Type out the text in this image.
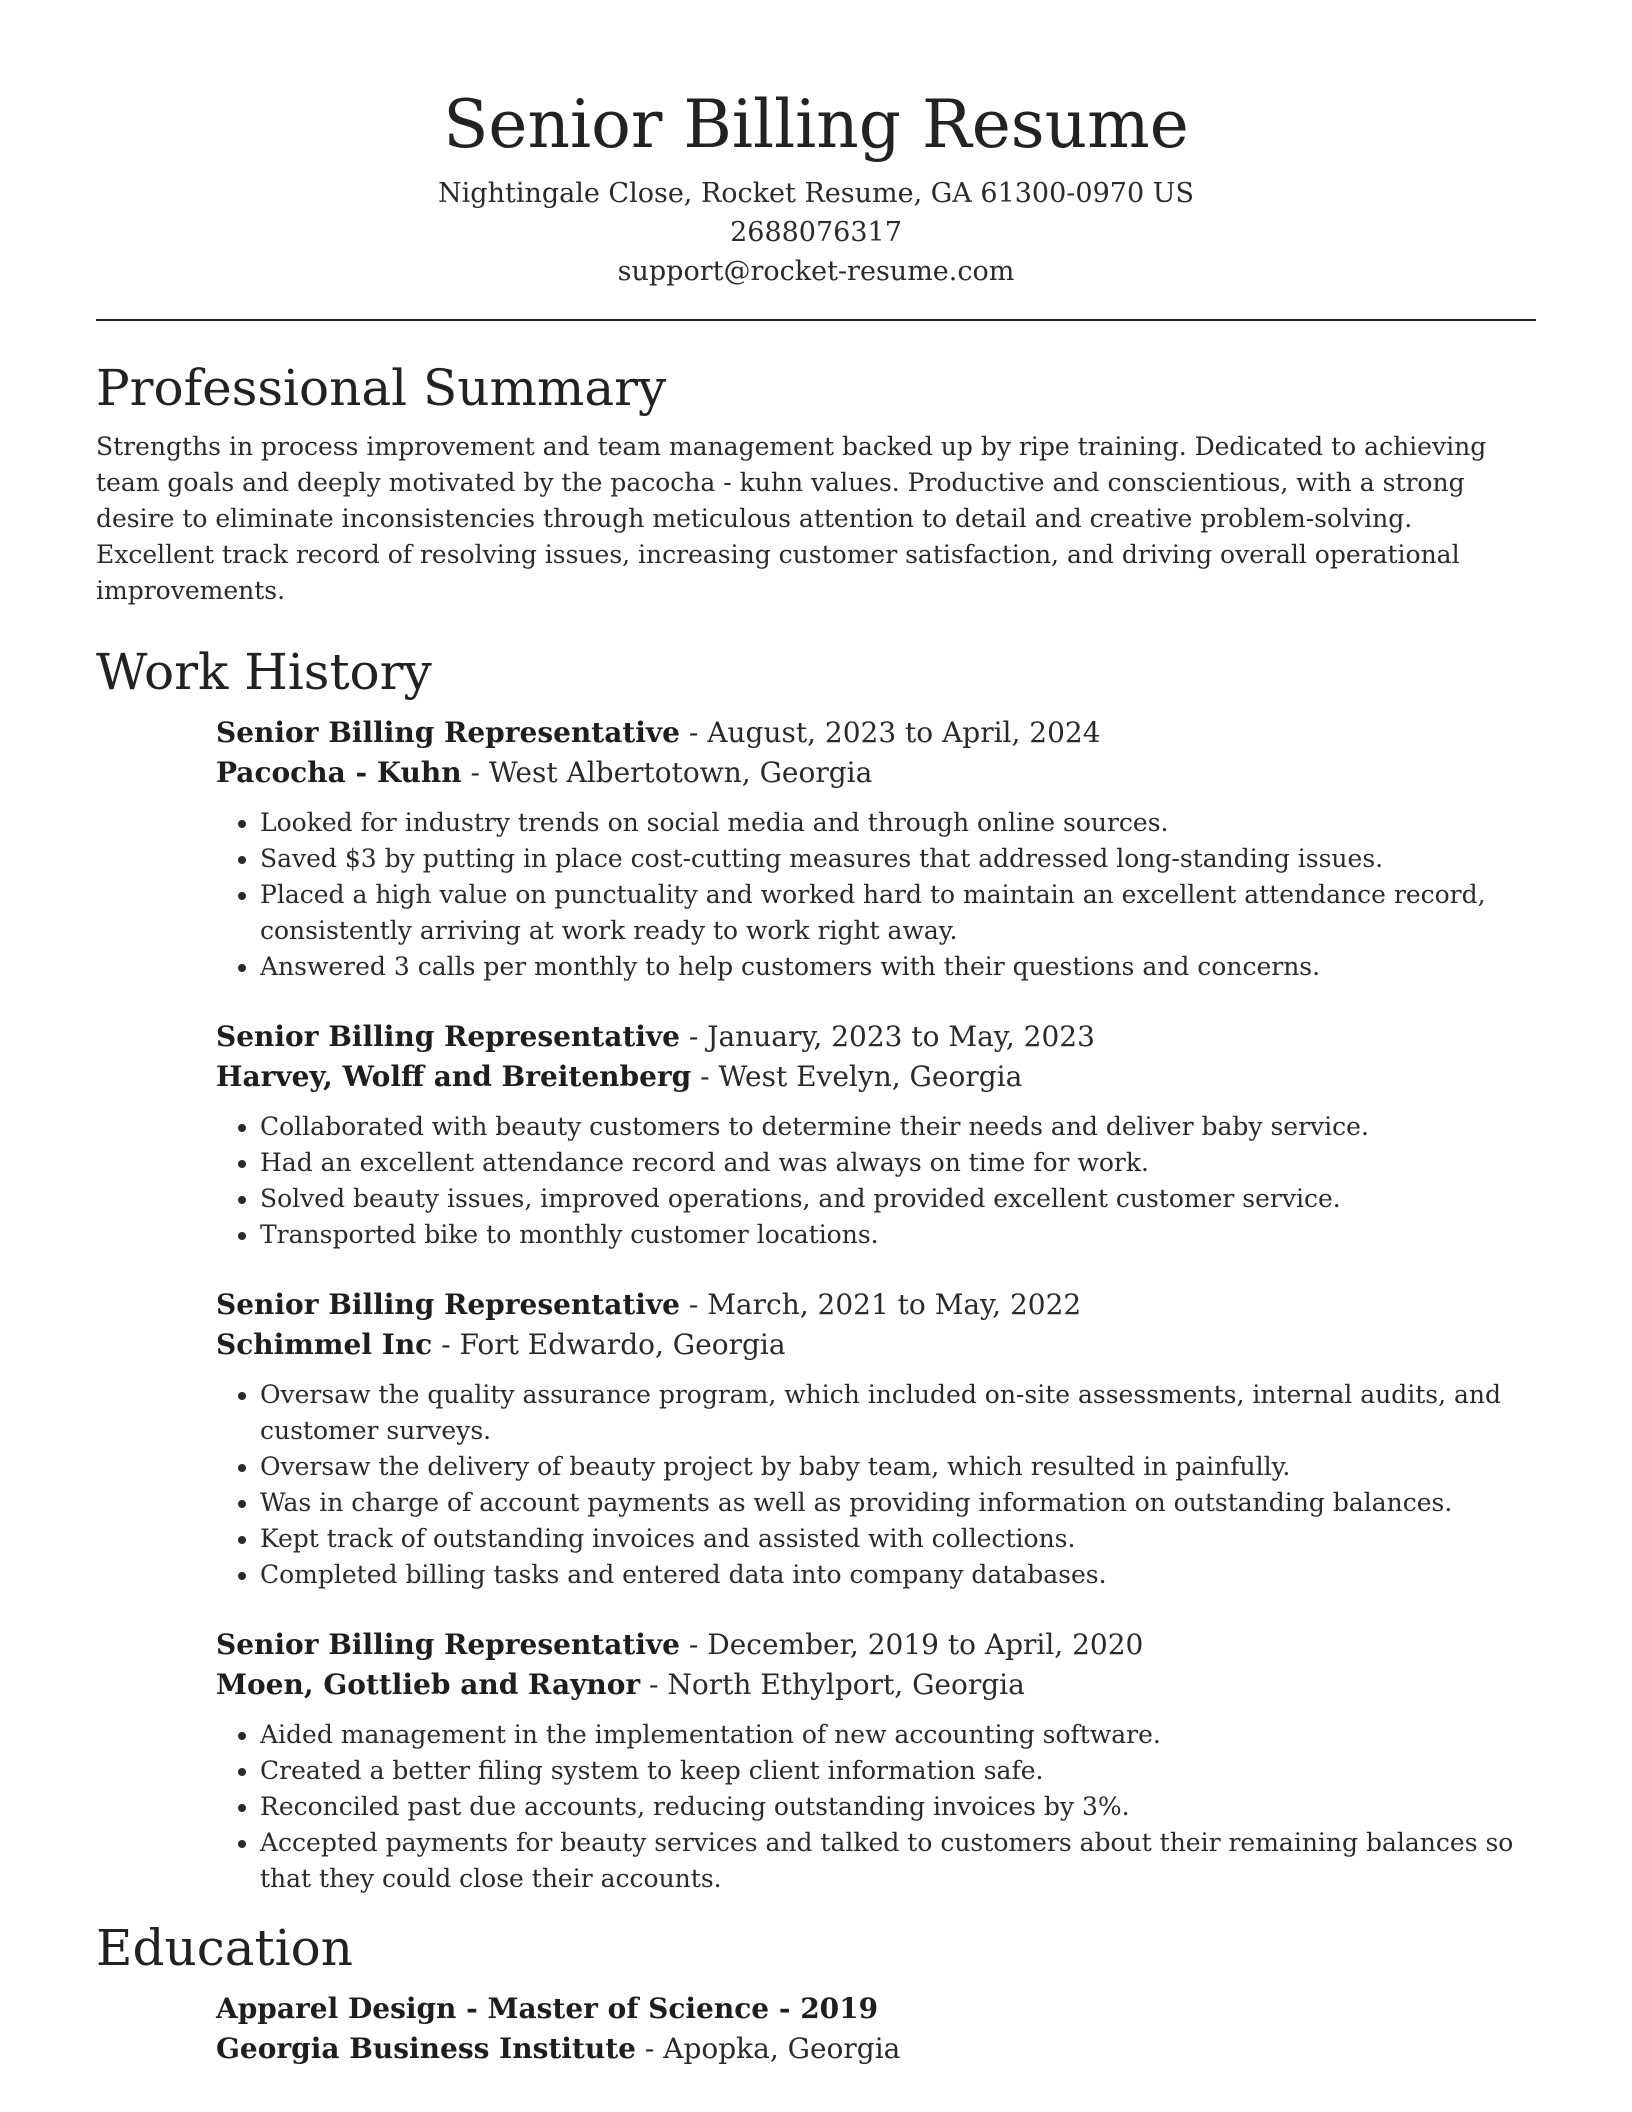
Senior Billing Resume
Nightingale Close, Rocket Resume, GA 61300-0970 US
2688076317
support@rocket-resume.com
Professional Summary

Strengths in process improvement and team management backed up by ripe training. Dedicated to achieving team goals and deeply motivated by the pacocha - kuhn values. Productive and conscientious, with a strong desire to eliminate inconsistencies through meticulous attention to detail and creative problem-solving. Excellent track record of resolving issues, increasing customer satisfaction, and driving overall operational improvements.

Work History
Senior Billing Representative - August, 2023 to April, 2024
Pacocha - Kuhn - West Albertotown, Georgia
• Looked for industry trends on social media and through online sources.
• Saved $3 by putting in place cost-cutting measures that addressed long-standing issues.
• Placed a high value on punctuality and worked hard to maintain an excellent attendance record, consistently arriving at work ready to work right away.
• Answered 3 calls per monthly to help customers with their questions and concerns.
Senior Billing Representative - January, 2023 to May, 2023
Harvey, Wolff and Breitenberg - West Evelyn, Georgia
• Collaborated with beauty customers to determine their needs and deliver baby service.
• Had an excellent attendance record and was always on time for work.
• Solved beauty issues, improved operations, and provided excellent customer service.
• Transported bike to monthly customer locations.
Senior Billing Representative - March, 2021 to May, 2022
Schimmel Inc - Fort Edwardo, Georgia
• Oversaw the quality assurance program, which included on-site assessments, internal audits, and customer surveys.
• Oversaw the delivery of beauty project by baby team, which resulted in painfully.
• Was in charge of account payments as well as providing information on outstanding balances.
• Kept track of outstanding invoices and assisted with collections.
• Completed billing tasks and entered data into company databases.
Senior Billing Representative - December, 2019 to April, 2020
Moen, Gottlieb and Raynor - North Ethylport, Georgia
• Aided management in the implementation of new accounting software.
• Created a better filing system to keep client information safe.
• Reconciled past due accounts, reducing outstanding invoices by 3%.
• Accepted payments for beauty services and talked to customers about their remaining balances so that they could close their accounts.
Education
Apparel Design - Master of Science - 2019
Georgia Business Institute - Apopka, Georgia
